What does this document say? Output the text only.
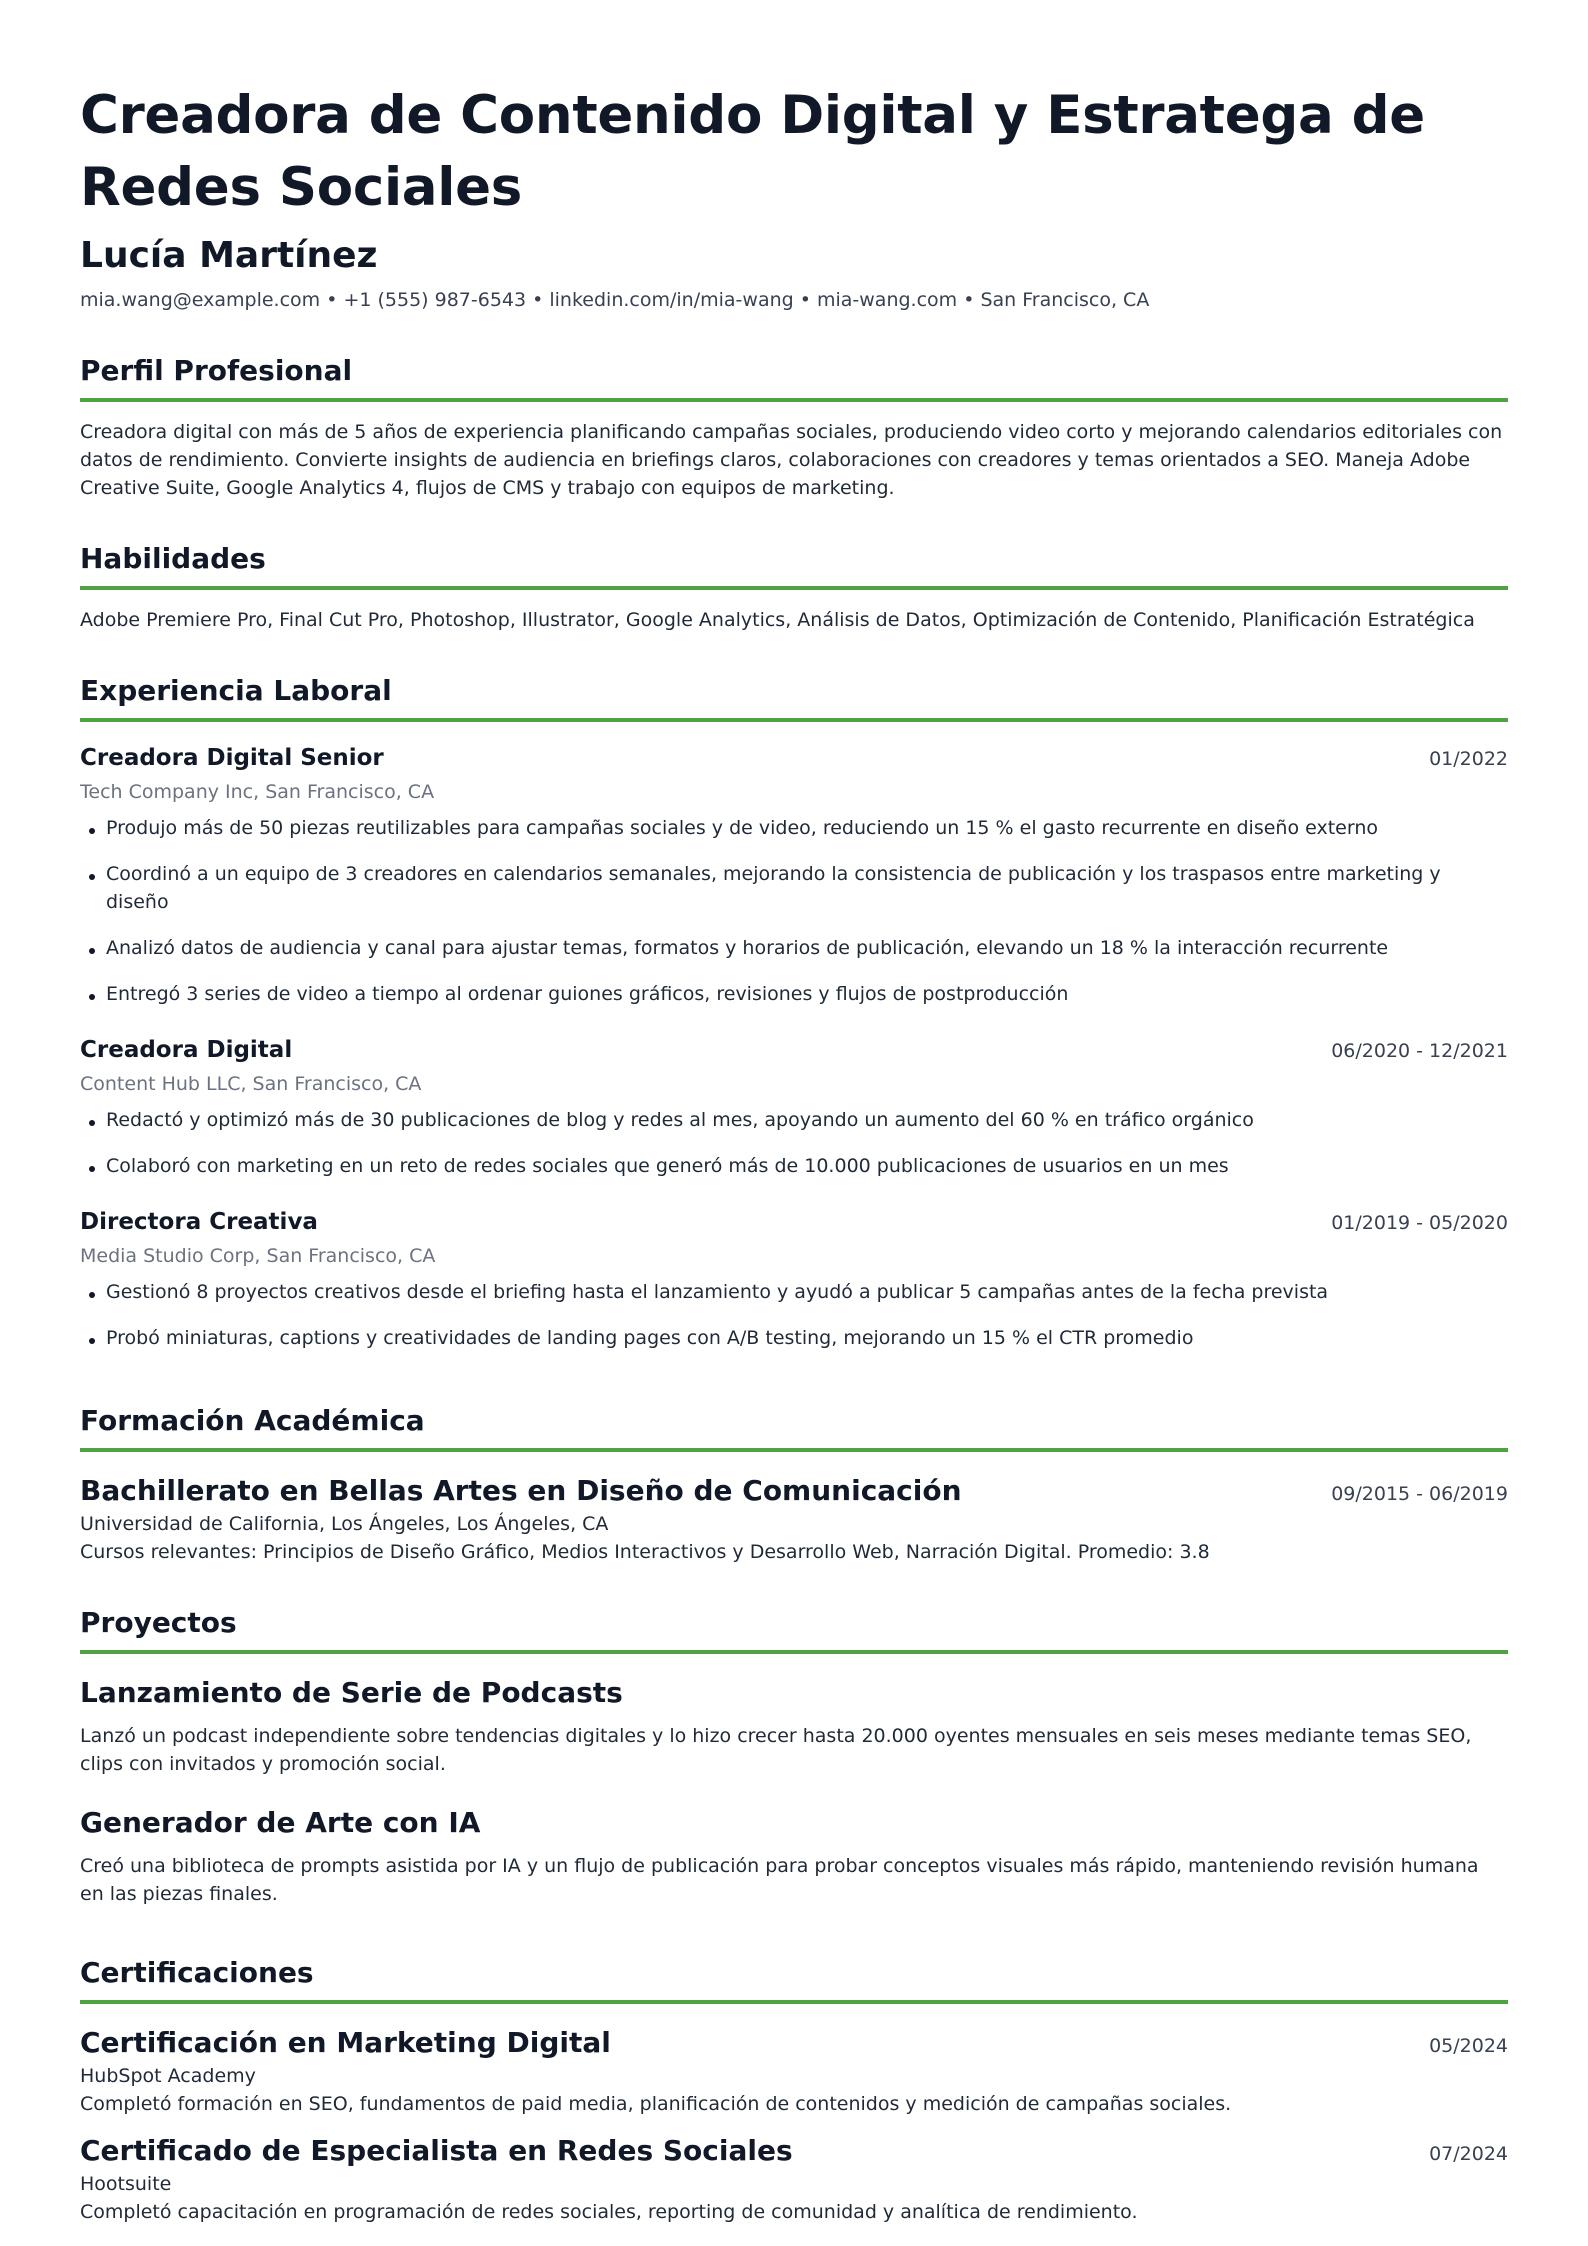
Creadora de Contenido Digital y Estratega de Redes Sociales
Lucía Martínez
mia.wang@example.com • +1 (555) 987-6543 • linkedin.com/in/mia-wang • mia-wang.com • San Francisco, CA
Perfil Profesional
Creadora digital con más de 5 años de experiencia planificando campañas sociales, produciendo video corto y mejorando calendarios editoriales con datos de rendimiento. Convierte insights de audiencia en briefings claros, colaboraciones con creadores y temas orientados a SEO. Maneja Adobe Creative Suite, Google Analytics 4, flujos de CMS y trabajo con equipos de marketing.
Habilidades
Adobe Premiere Pro, Final Cut Pro, Photoshop, Illustrator, Google Analytics, Análisis de Datos, Optimización de Contenido, Planificación Estratégica
Experiencia Laboral
Creadora Digital Senior	01/2022
Tech Company Inc, San Francisco, CA
Produjo más de 50 piezas reutilizables para campañas sociales y de video, reduciendo un 15 % el gasto recurrente en diseño externo
Coordinó a un equipo de 3 creadores en calendarios semanales, mejorando la consistencia de publicación y los traspasos entre marketing y diseño
Analizó datos de audiencia y canal para ajustar temas, formatos y horarios de publicación, elevando un 18 % la interacción recurrente
Entregó 3 series de video a tiempo al ordenar guiones gráficos, revisiones y flujos de postproducción
Creadora Digital	06/2020 - 12/2021
Content Hub LLC, San Francisco, CA
Redactó y optimizó más de 30 publicaciones de blog y redes al mes, apoyando un aumento del 60 % en tráfico orgánico
Colaboró con marketing en un reto de redes sociales que generó más de 10.000 publicaciones de usuarios en un mes
Directora Creativa	01/2019 - 05/2020
Media Studio Corp, San Francisco, CA
Gestionó 8 proyectos creativos desde el briefing hasta el lanzamiento y ayudó a publicar 5 campañas antes de la fecha prevista
Probó miniaturas, captions y creatividades de landing pages con A/B testing, mejorando un 15 % el CTR promedio
Formación Académica
Bachillerato en Bellas Artes en Diseño de Comunicación	09/2015 - 06/2019
Universidad de California, Los Ángeles, Los Ángeles, CA
Cursos relevantes: Principios de Diseño Gráfico, Medios Interactivos y Desarrollo Web, Narración Digital. Promedio: 3.8
Proyectos
Lanzamiento de Serie de Podcasts
Lanzó un podcast independiente sobre tendencias digitales y lo hizo crecer hasta 20.000 oyentes mensuales en seis meses mediante temas SEO, clips con invitados y promoción social.
Generador de Arte con IA
Creó una biblioteca de prompts asistida por IA y un flujo de publicación para probar conceptos visuales más rápido, manteniendo revisión humana en las piezas finales.
Certificaciones
Certificación en Marketing Digital	05/2024
HubSpot Academy
Completó formación en SEO, fundamentos de paid media, planificación de contenidos y medición de campañas sociales.
Certificado de Especialista en Redes Sociales	07/2024
Hootsuite
Completó capacitación en programación de redes sociales, reporting de comunidad y analítica de rendimiento.
